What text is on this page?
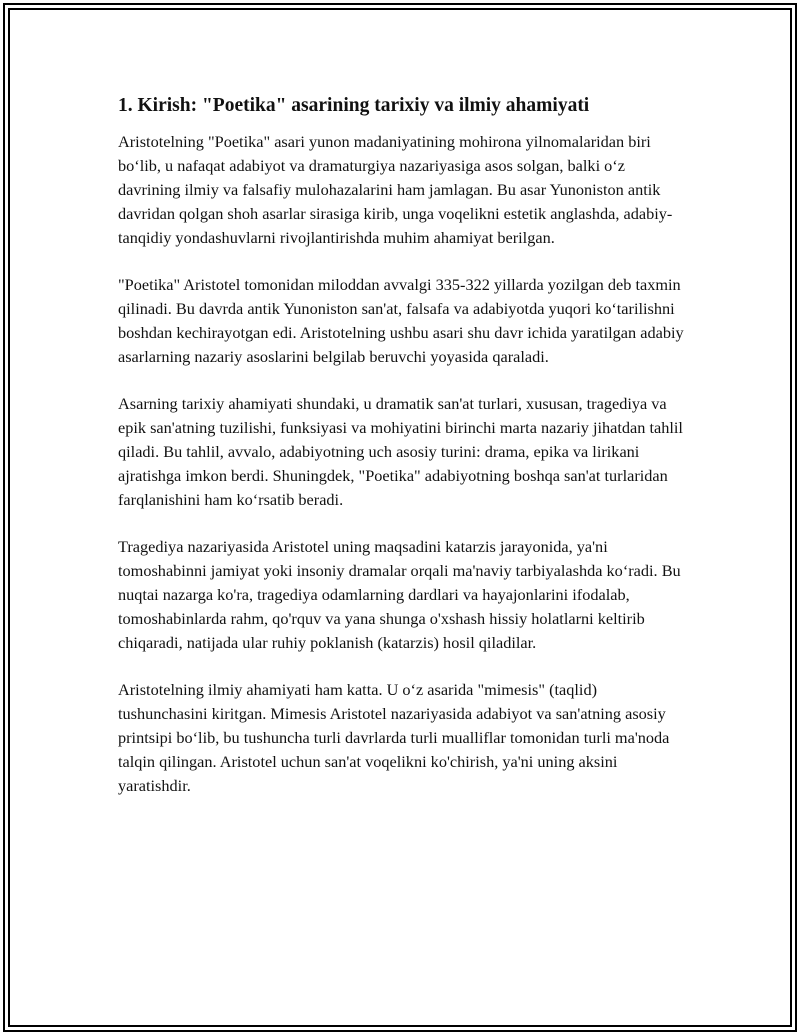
1. Kirish: "Poetika" asarining tarixiy va ilmiy ahamiyati

Aristotelning "Poetika" asari yunon madaniyatining mohirona yilnomalaridan biri bo‘lib, u nafaqat adabiyot va dramaturgiya nazariyasiga asos solgan, balki o‘z davrining ilmiy va falsafiy mulohazalarini ham jamlagan. Bu asar Yunoniston antik davridan qolgan shoh asarlar sirasiga kirib, unga voqelikni estetik anglashda, adabiy-tanqidiy yondashuvlarni rivojlantirishda muhim ahamiyat berilgan.

"Poetika" Aristotel tomonidan miloddan avvalgi 335-322 yillarda yozilgan deb taxmin qilinadi. Bu davrda antik Yunoniston san'at, falsafa va adabiyotda yuqori ko‘tarilishni boshdan kechirayotgan edi. Aristotelning ushbu asari shu davr ichida yaratilgan adabiy asarlarning nazariy asoslarini belgilab beruvchi yoyasida qaraladi.

Asarning tarixiy ahamiyati shundaki, u dramatik san'at turlari, xususan, tragediya va epik san'atning tuzilishi, funksiyasi va mohiyatini birinchi marta nazariy jihatdan tahlil qiladi. Bu tahlil, avvalo, adabiyotning uch asosiy turini: drama, epika va lirikani ajratishga imkon berdi. Shuningdek, "Poetika" adabiyotning boshqa san'at turlaridan farqlanishini ham ko‘rsatib beradi.

Tragediya nazariyasida Aristotel uning maqsadini katarzis jarayonida, ya'ni tomoshabinni jamiyat yoki insoniy dramalar orqali ma'naviy tarbiyalashda ko‘radi. Bu nuqtai nazarga ko'ra, tragediya odamlarning dardlari va hayajonlarini ifodalab, tomoshabinlarda rahm, qo'rquv va yana shunga o'xshash hissiy holatlarni keltirib chiqaradi, natijada ular ruhiy poklanish (katarzis) hosil qiladilar.

Aristotelning ilmiy ahamiyati ham katta. U o‘z asarida "mimesis" (taqlid) tushunchasini kiritgan. Mimesis Aristotel nazariyasida adabiyot va san'atning asosiy printsipi bo‘lib, bu tushuncha turli davrlarda turli mualliflar tomonidan turli ma'noda talqin qilingan. Aristotel uchun san'at voqelikni ko'chirish, ya'ni uning aksini yaratishdir.
